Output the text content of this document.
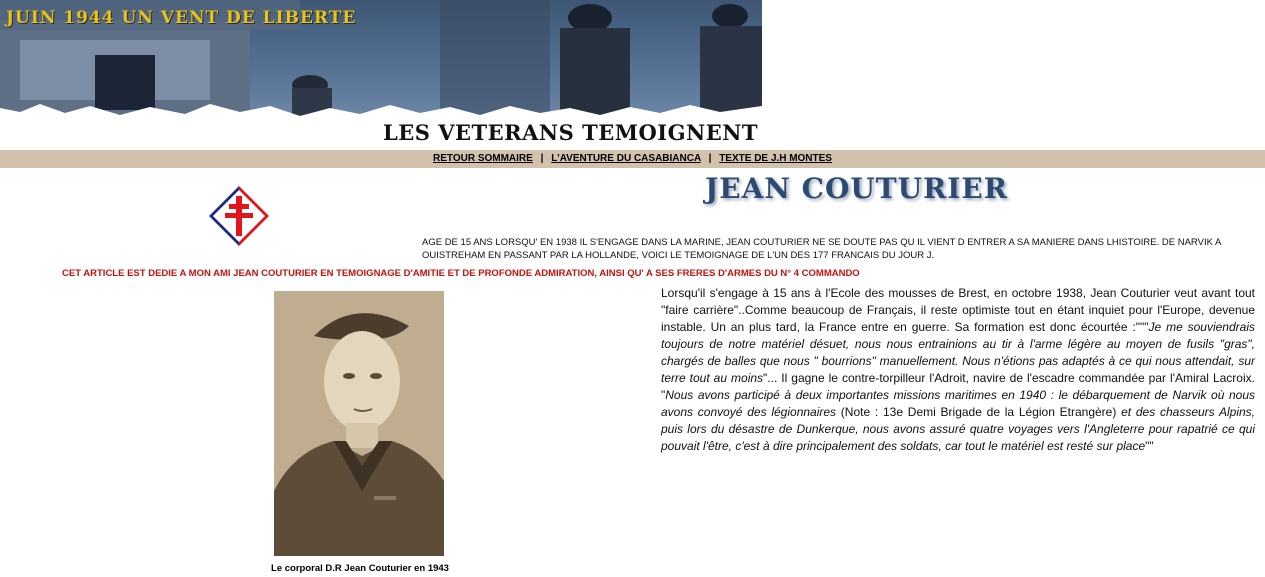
JUIN 1944 UN VENT DE LIBERTE
LES VETERANS TEMOIGNENT
RETOUR SOMMAIRE | L'AVENTURE DU CASABIANCA | TEXTE DE J.H MONTES
JEAN COUTURIER

AGE DE 15 ANS LORSQU' EN 1938 IL S'ENGAGE DANS LA MARINE, JEAN COUTURIER NE SE DOUTE PAS QU IL VIENT D ENTRER A SA MANIERE DANS LHISTOIRE. DE NARVIK A OUISTREHAM EN PASSANT PAR LA HOLLANDE, VOICI LE TEMOIGNAGE DE L'UN DES 177 FRANCAIS DU JOUR J.

CET ARTICLE EST DEDIE A MON AMI JEAN COUTURIER EN TEMOIGNAGE D'AMITIE ET DE PROFONDE ADMIRATION, AINSI QU' A SES FRERES D'ARMES DU N° 4 COMMANDO

Le corporal D.R Jean Couturier en 1943

Lorsqu'il s'engage à 15 ans à l'Ecole des mousses de Brest, en octobre 1938, Jean Couturier veut avant tout "faire carrière"..Comme beaucoup de Français, il reste optimiste tout en étant inquiet pour l'Europe, devenue instable. Un an plus tard, la France entre en guerre. Sa formation est donc écourtée :"""Je me souviendrais toujours de notre matériel désuet, nous nous entrainions au tir à l'arme légère au moyen de fusils "gras", chargés de balles que nous " bourrions" manuellement. Nous n'étions pas adaptés à ce qui nous attendait, sur terre tout au moins"... Il gagne le contre-torpilleur l'Adroit, navire de l'escadre commandée par l'Amiral Lacroix. "Nous avons participé à deux importantes missions maritimes en 1940 : le débarquement de Narvik où nous avons convoyé des légionnaires (Note : 13e Demi Brigade de la Légion Etrangère) et des chasseurs Alpins, puis lors du désastre de Dunkerque, nous avons assuré quatre voyages vers l'Angleterre pour rapatrié ce qui pouvait l'être, c'est à dire principalement des soldats, car tout le matériel est resté sur place""
